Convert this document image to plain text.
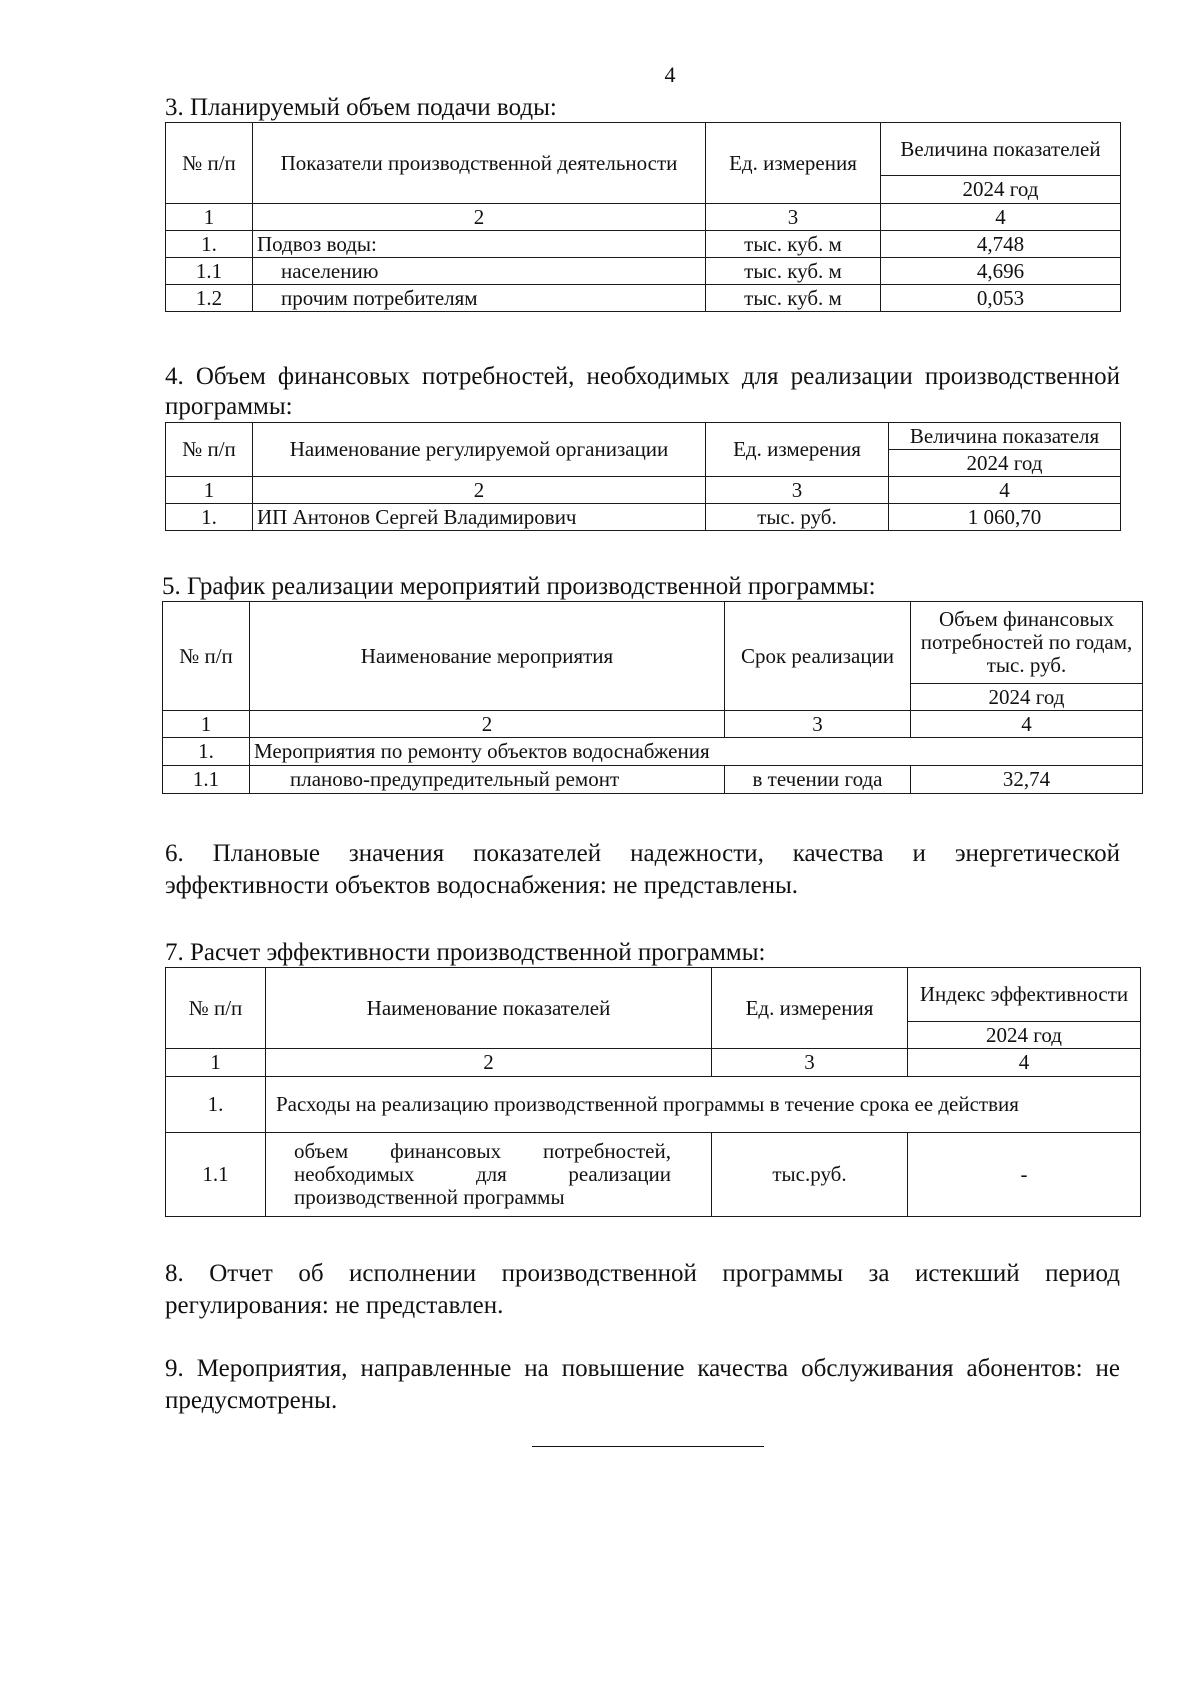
4

3. Планируемый объем подачи воды:

№ п/п	Показатели производственной деятельности	Ед. измерения	Величина показателей
			2024 год
1	2	3	4
1.	Подвоз воды:	тыс. куб. м	4,748
1.1	населению	тыс. куб. м	4,696
1.2	прочим потребителям	тыс. куб. м	0,053

4. Объем финансовых потребностей, необходимых для реализации производственной программы:

№ п/п	Наименование регулируемой организации	Ед. измерения	Величина показателя
			2024 год
1	2	3	4
1.	ИП Антонов Сергей Владимирович	тыс. руб.	1 060,70

5. График реализации мероприятий производственной программы:

№ п/п	Наименование мероприятия	Срок реализации	Объем финансовых потребностей по годам, тыс. руб.
			2024 год
1	2	3	4
1.	Мероприятия по ремонту объектов водоснабжения		
1.1	планово-предупредительный ремонт	в течении года	32,74

6. Плановые значения показателей надежности, качества и энергетической эффективности объектов водоснабжения: не представлены.

7. Расчет эффективности производственной программы:

№ п/п	Наименование показателей	Ед. измерения	Индекс эффективности
			2024 год
1	2	3	4
1.	Расходы на реализацию производственной программы в течение срока ее действия		
1.1	объем финансовых потребностей, необходимых для реализации производственной программы	тыс.руб.	-

8. Отчет об исполнении производственной программы за истекший период регулирования: не представлен.

9. Мероприятия, направленные на повышение качества обслуживания абонентов: не предусмотрены.
